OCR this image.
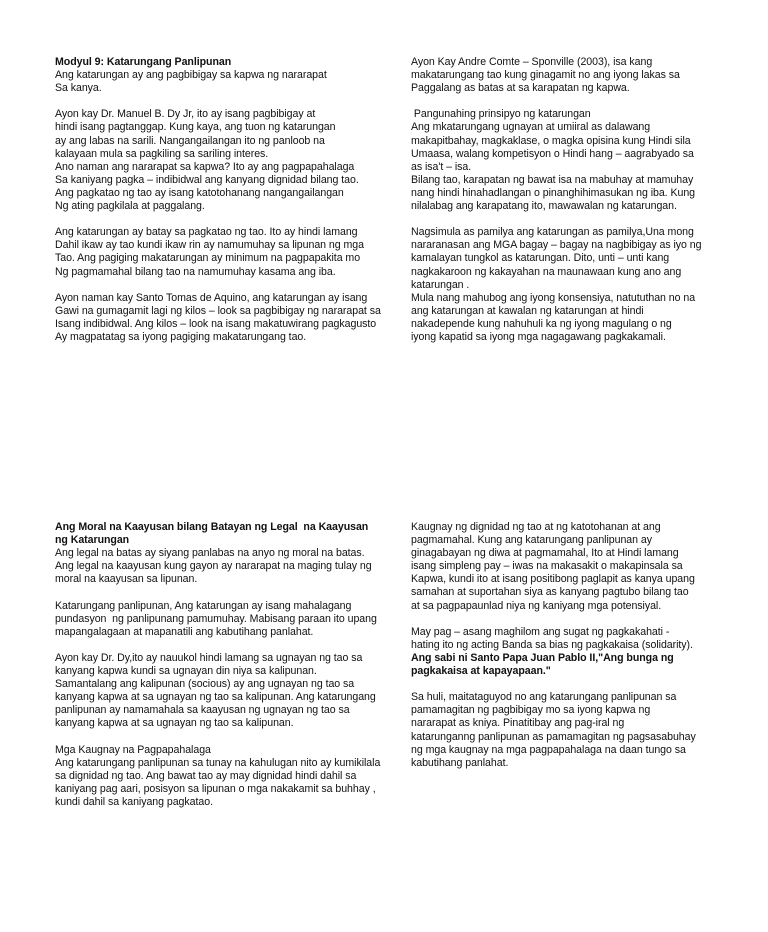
Modyul 9: Katarungang Panlipunan
Ang katarungan ay ang pagbibigay sa kapwa ng nararapat
Sa kanya.
Ayon kay Dr. Manuel B. Dy Jr, ito ay isang pagbibigay at
hindi isang pagtanggap. Kung kaya, ang tuon ng katarungan
ay ang labas na sarili. Nangangailangan ito ng panloob na
kalayaan mula sa pagkiling sa sariling interes.
Ano naman ang nararapat sa kapwa? Ito ay ang pagpapahalaga
Sa kaniyang pagka – indibidwal ang kanyang dignidad bilang tao.
Ang pagkatao ng tao ay isang katotohanang nangangailangan
Ng ating pagkilala at paggalang.
Ang katarungan ay batay sa pagkatao ng tao. Ito ay hindi lamang
Dahil ikaw ay tao kundi ikaw rin ay namumuhay sa lipunan ng mga
Tao. Ang pagiging makatarungan ay minimum na pagpapakita mo
Ng pagmamahal bilang tao na namumuhay kasama ang iba.
Ayon naman kay Santo Tomas de Aquino, ang katarungan ay isang
Gawi na gumagamit lagi ng kilos – look sa pagbibigay ng nararapat sa
Isang indibidwal. Ang kilos – look na isang makatuwirang pagkagusto
Ay magpatatag sa iyong pagiging makatarungang tao.
Ayon Kay Andre Comte – Sponville (2003), isa kang
makatarungang tao kung ginagamit no ang iyong lakas sa
Paggalang as batas at sa karapatan ng kapwa.
Pangunahing prinsipyo ng katarungan
Ang mkatarungang ugnayan at umiiral as dalawang
makapitbahay, magkaklase, o magka opisina kung Hindi sila
Umaasa, walang kompetisyon o Hindi hang – aagrabyado sa
as isa't – isa.
Bilang tao, karapatan ng bawat isa na mabuhay at mamuhay
nang hindi hinahadlangan o pinanghihimasukan ng iba. Kung
nilalabag ang karapatang ito, mawawalan ng katarungan.
Nagsimula as pamilya ang katarungan as pamilya,Una mong
nararanasan ang MGA bagay – bagay na nagbibigay as iyo ng
kamalayan tungkol as katarungan. Dito, unti – unti kang
nagkakaroon ng kakayahan na maunawaan kung ano ang
katarungan .
Mula nang mahubog ang iyong konsensiya, natututhan no na
ang katarungan at kawalan ng katarungan at hindi
nakadepende kung nahuhuli ka ng iyong magulang o ng
iyong kapatid sa iyong mga nagagawang pagkakamali.
Ang Moral na Kaayusan bilang Batayan ng Legal  na Kaayusan
ng Katarungan
Ang legal na batas ay siyang panlabas na anyo ng moral na batas.
Ang legal na kaayusan kung gayon ay nararapat na maging tulay ng
moral na kaayusan sa lipunan.
Katarungang panlipunan, Ang katarungan ay isang mahalagang
pundasyon  ng panlipunang pamumuhay. Mabisang paraan ito upang
mapangalagaan at mapanatili ang kabutihang panlahat.
Ayon kay Dr. Dy,ito ay nauukol hindi lamang sa ugnayan ng tao sa
kanyang kapwa kundi sa ugnayan din niya sa kalipunan.
Samantalang ang kalipunan (socious) ay ang ugnayan ng tao sa
kanyang kapwa at sa ugnayan ng tao sa kalipunan. Ang katarungang
panlipunan ay namamahala sa kaayusan ng ugnayan ng tao sa
kanyang kapwa at sa ugnayan ng tao sa kalipunan.
Mga Kaugnay na Pagpapahalaga
Ang katarungang panlipunan sa tunay na kahulugan nito ay kumikilala
sa dignidad ng tao. Ang bawat tao ay may dignidad hindi dahil sa
kaniyang pag aari, posisyon sa lipunan o mga nakakamit sa buhhay ,
kundi dahil sa kaniyang pagkatao.
Kaugnay ng dignidad ng tao at ng katotohanan at ang
pagmamahal. Kung ang katarungang panlipunan ay
ginagabayan ng diwa at pagmamahal, Ito at Hindi lamang
isang simpleng pay – iwas na makasakit o makapinsala sa
Kapwa, kundi ito at isang positibong paglapit as kanya upang
samahan at suportahan siya as kanyang pagtubo bilang tao
at sa pagpapaunlad niya ng kaniyang mga potensiyal.
May pag – asang maghilom ang sugat ng pagkakahati -
hating ito ng acting Banda sa bias ng pagkakaisa (solidarity).
Ang sabi ni Santo Papa Juan Pablo II,"Ang bunga ng
pagkakaisa at kapayapaan."
Sa huli, maitataguyod no ang katarungang panlipunan sa
pamamagitan ng pagbibigay mo sa iyong kapwa ng
nararapat as kniya. Pinatitibay ang pag-iral ng
katarunganng panlipunan as pamamagitan ng pagsasabuhay
ng mga kaugnay na mga pagpapahalaga na daan tungo sa
kabutihang panlahat.
